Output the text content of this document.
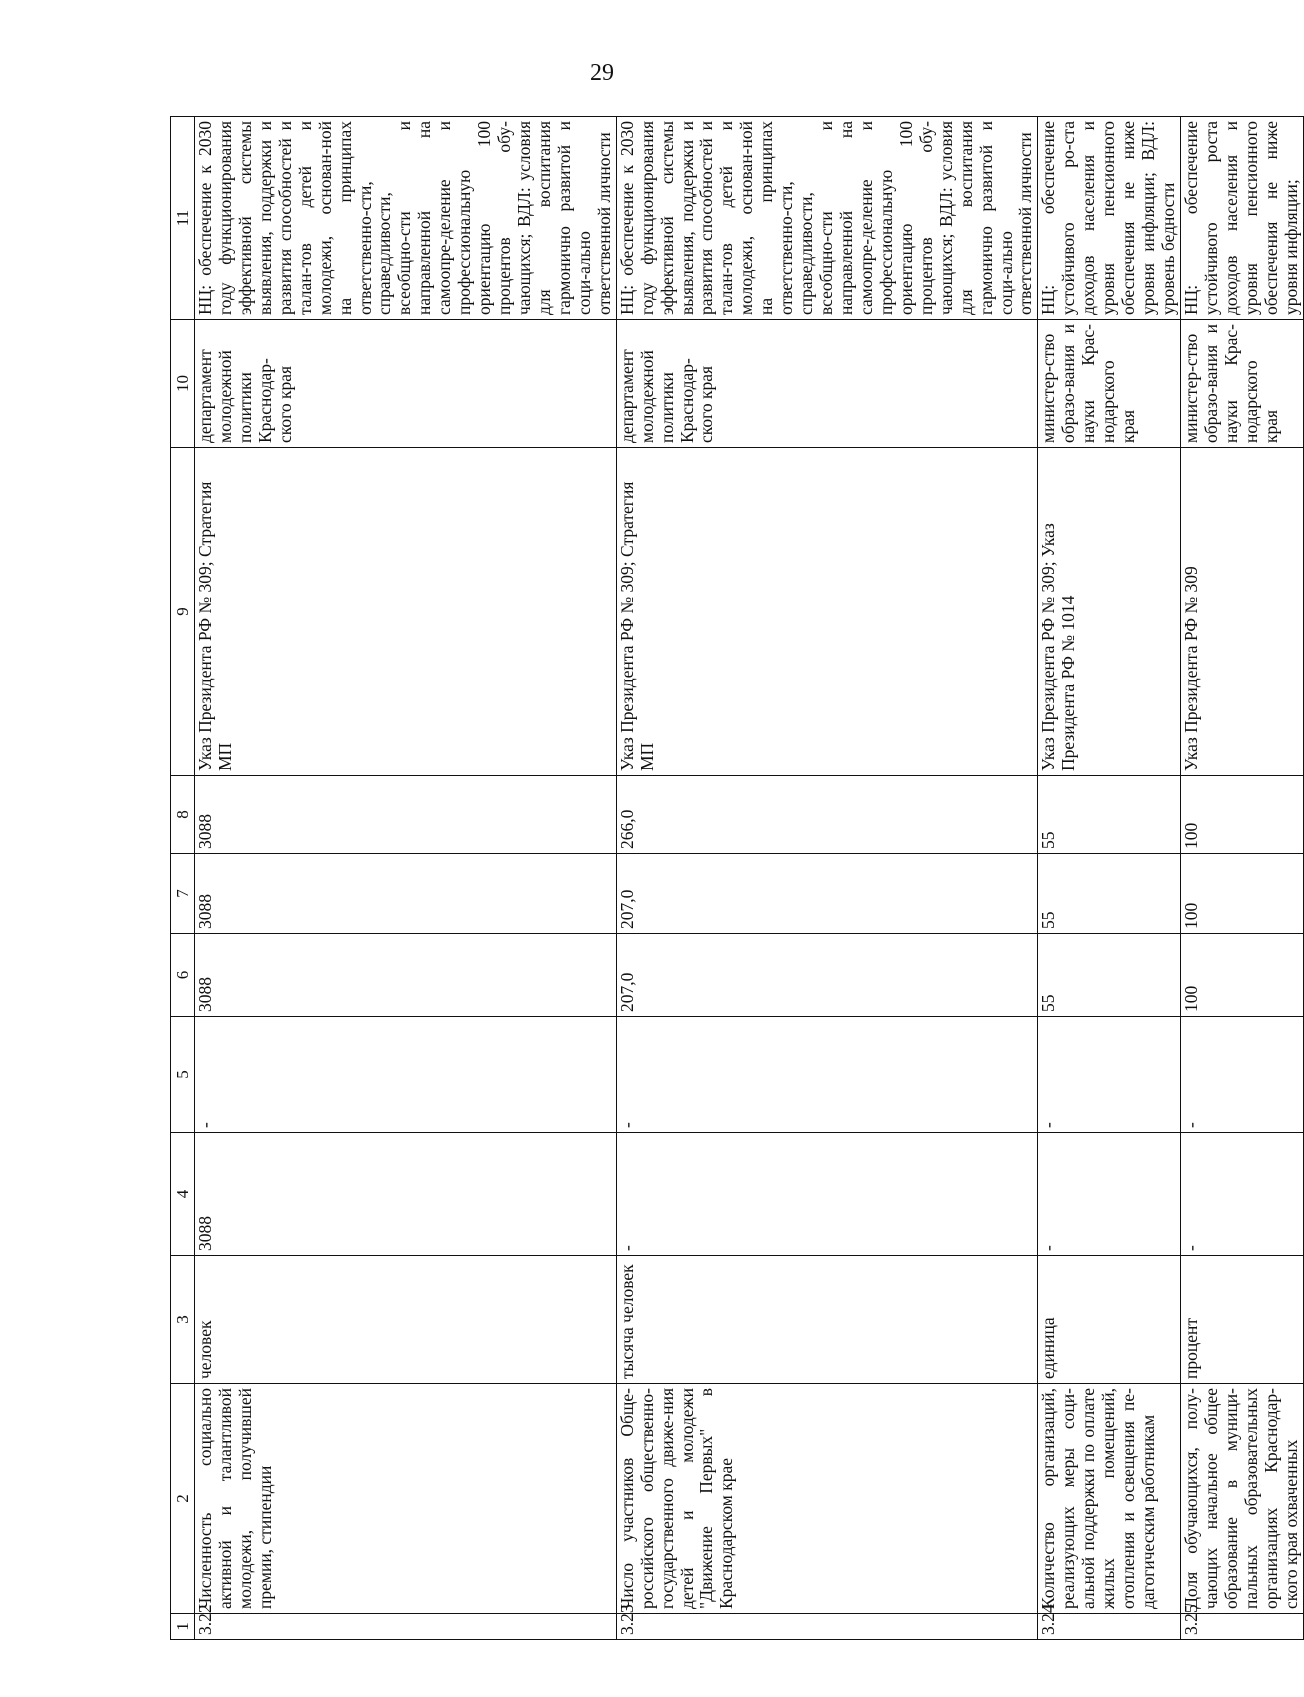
29
1	2	3	4	5	6	7	8	9	10	11
3.22	Численность социально активной и талантливой молодежи, получившей премии, стипендии	человек	3088	-	3088	3088	3088	Указ Президента РФ № 309; Стратегия МП	департамент молодежной политики Краснодар-ского края	НЦ: обеспечение к 2030 году функционирования эффективной системы выявления, поддержки и развития способностей и талан-тов детей и молодежи, основан-ной на принципах ответственно-сти, справедливости, всеобщно-сти и направленной на самоопре-деление и профессиональную ориентацию 100 процентов обу-чающихся; ВДЛ: условия для воспитания гармонично развитой и соци-ально ответственной личности
3.23	Число участников Обще-российского общественно-государственного движе-ния детей и молодежи "Движение Первых" в Краснодарском крае	тысяча человек	-	-	207,0	207,0	266,0	Указ Президента РФ № 309; Стратегия МП	департамент молодежной политики Краснодар-ского края	НЦ: обеспечение к 2030 году функционирования эффективной системы выявления, поддержки и развития способностей и талан-тов детей и молодежи, основан-ной на принципах ответственно-сти, справедливости, всеобщно-сти и направленной на самоопре-деление и профессиональную ориентацию 100 процентов обу-чающихся; ВДЛ: условия для воспитания гармонично развитой и соци-ально ответственной личности
3.24	Количество организаций, реализующих меры соци-альной поддержки по оплате жилых помещений, отопления и освещения пе-дагогическим работникам	единица	-	-	55	55	55	Указ Президента РФ № 309; Указ Президента РФ № 1014	министер-ство образо-вания и науки Крас-нодарского края	НЦ: обеспечение устойчивого ро-ста доходов населения и уровня пенсионного обеспечения не ниже уровня инфляции; ВДЛ: уровень бедности
3.25	Доля обучающихся, полу-чающих начальное общее образование в муници-пальных образовательных организациях Краснодар-ского края охваченных	процент	-	-	100	100	100	Указ Президента РФ № 309	министер-ство образо-вания и науки Крас-нодарского края	НЦ: обеспечение устойчивого роста доходов населения и уровня пенсионного обеспечения не ниже уровня инфляции;
